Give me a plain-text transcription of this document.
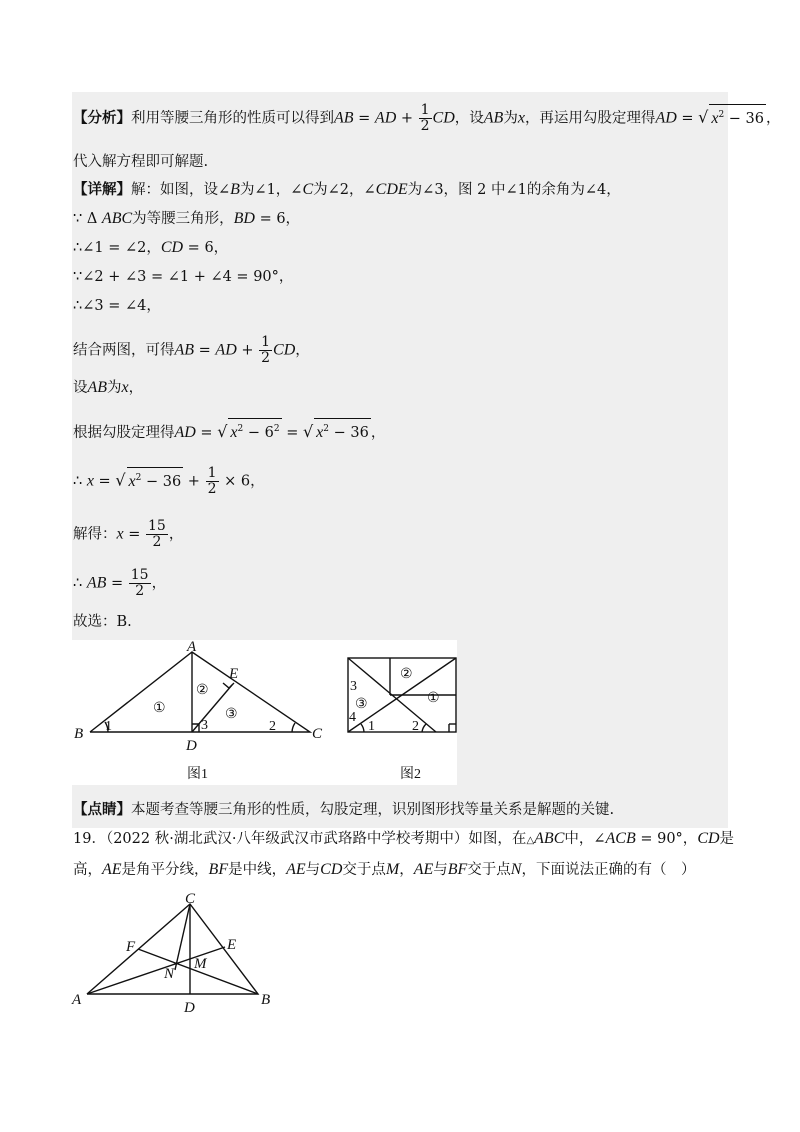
【分析】利用等腰三角形的性质可以得到AB = AD + $\frac{1}{2}$ CD，设AB为x，再运用勾股定理得AD = √ $x^2 - 36$ ，
代入解方程即可解题.
【详解】解：如图，设∠B为∠1，∠C为∠2，∠CDE为∠3，图 2 中∠1的余角为∠4，
∵ Δ ABC为等腰三角形，BD = 6，
∴∠1 = ∠2，CD = 6，
∵∠2 + ∠3 = ∠1 + ∠4 = 90°，
∴∠3 = ∠4，
结合两图，可得AB = AD + $\frac{1}{2}$ CD，
设AB为x，
根据勾股定理得AD = √ $x^2 - 6^2$ = √ $x^2 - 36$ ，
∴ x = √ $x^2 - 36 + \frac{1}{2} \times 6$，
解得：$x = \frac{15}{2}$ ，
∴ AB = $\frac{15}{2}$ ，
故选：B.
A
B	C
D
E
1	2
3
①
②
③
1	2
3
4
②
①
③
图1	图2
【点睛】本题考查等腰三角形的性质，勾股定理，识别图形找等量关系是解题的关键.
19．（2022 秋·湖北武汉·八年级武汉市武珞路中学校考期中）如图，在△ABC中，∠ACB = 90°，CD是
高，AE是角平分线，BF是中线，AE与CD交于点M，AE与BF交于点N，下面说法正确的有（　）
C
A	B
D
E
F
M
N
